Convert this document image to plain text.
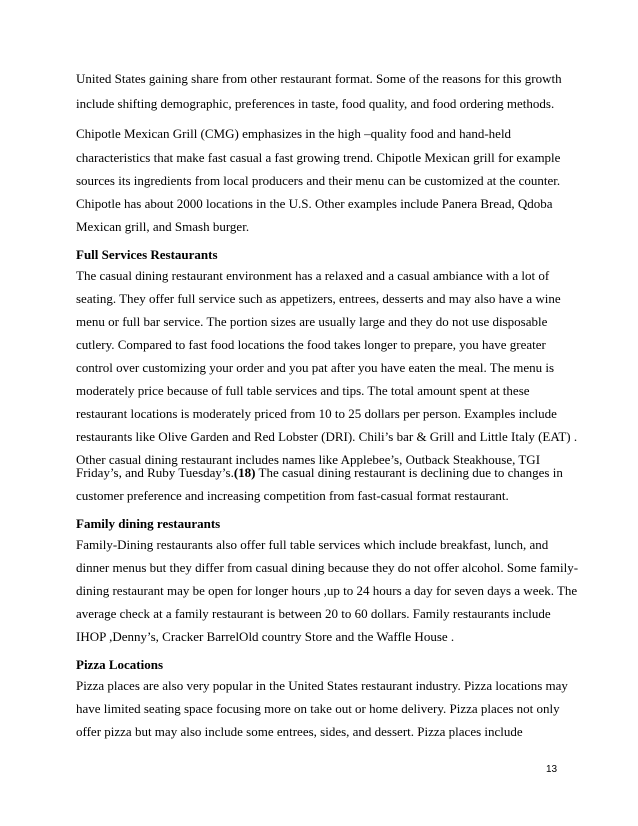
United States gaining share from other restaurant format. Some of the reasons for this growth
include shifting demographic, preferences in taste, food quality, and food ordering methods.
Chipotle Mexican Grill (CMG) emphasizes in the high –quality food and hand-held
characteristics that make fast casual a fast growing trend. Chipotle Mexican grill for example
sources its ingredients from local producers and their menu can be customized at the counter.
Chipotle has about 2000 locations in the U.S. Other examples include Panera Bread, Qdoba
Mexican grill, and Smash burger.
Full Services Restaurants
The casual dining restaurant environment has a relaxed and a casual ambiance with a lot of
seating. They offer full service such as appetizers, entrees, desserts and may also have a wine
menu or full bar service. The portion sizes are usually large and they do not use disposable
cutlery. Compared to fast food locations the food takes longer to prepare, you have greater
control over customizing your order and you pat after you have eaten the meal. The menu is
moderately price because of full table services and tips. The total amount spent at these
restaurant locations is moderately priced from 10 to 25 dollars per person. Examples include
restaurants like Olive Garden and Red Lobster (DRI). Chili’s bar & Grill and Little Italy (EAT) .
Other casual dining restaurant includes names like Applebee’s, Outback Steakhouse, TGI
Friday’s, and Ruby Tuesday’s.(18) The casual dining restaurant is declining due to changes in
customer preference and increasing competition from fast-casual format restaurant.
Family dining restaurants
Family-Dining restaurants also offer full table services which include breakfast, lunch, and
dinner menus but they differ from casual dining because they do not offer alcohol. Some family-
dining restaurant may be open for longer hours ,up to 24 hours a day for seven days a week. The
average check at a family restaurant is between 20 to 60 dollars. Family restaurants include
IHOP ,Denny’s, Cracker BarrelOld country Store and the Waffle House .
Pizza Locations
Pizza places are also very popular in the United States restaurant industry. Pizza locations may
have limited seating space focusing more on take out or home delivery. Pizza places not only
offer pizza but may also include some entrees, sides, and dessert. Pizza places include
13
